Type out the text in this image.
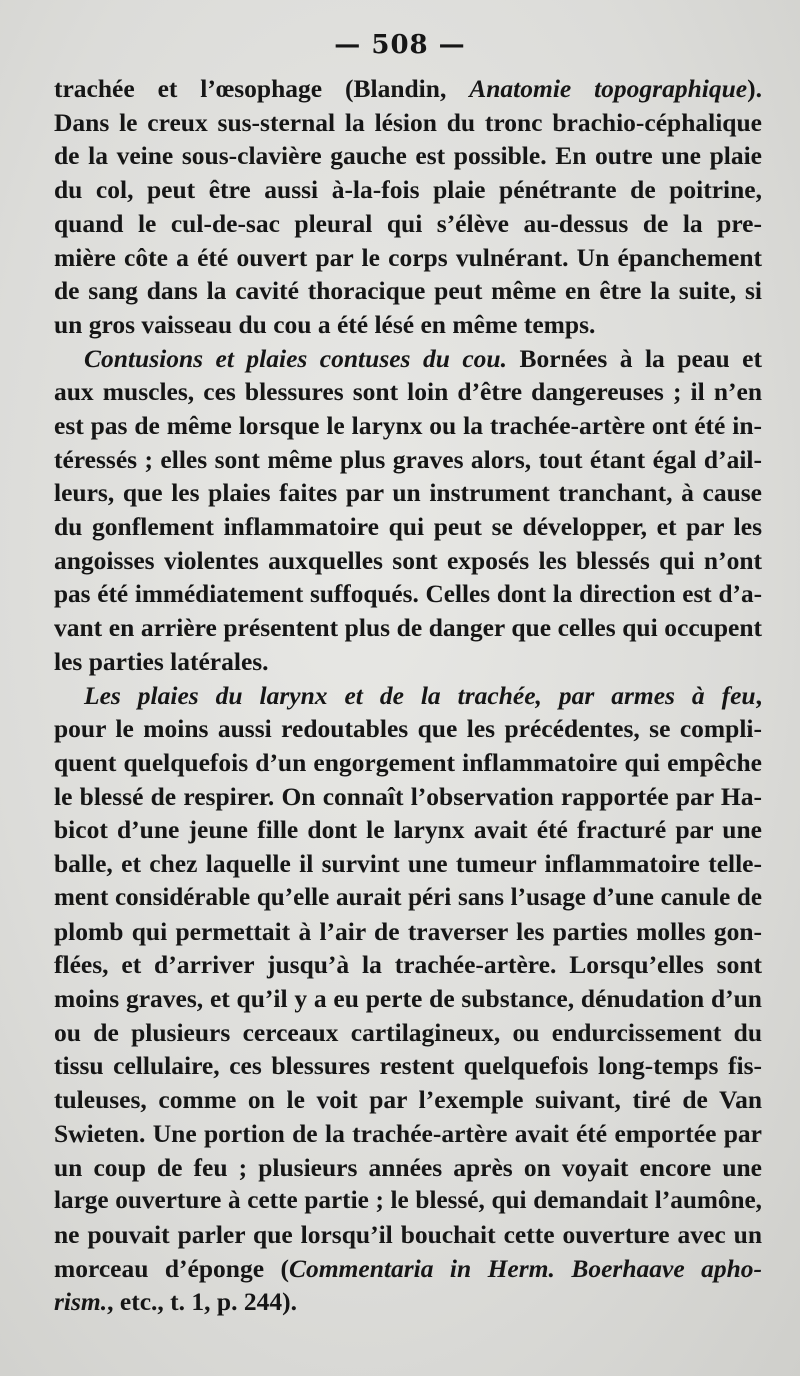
— 508 —
trachée et l’œsophage (Blandin, Anatomie topographique).
Dans le creux sus-sternal la lésion du tronc brachio-céphalique
de la veine sous-clavière gauche est possible. En outre une plaie
du col, peut être aussi à-la-fois plaie pénétrante de poitrine,
quand le cul-de-sac pleural qui s’élève au-dessus de la pre-
mière côte a été ouvert par le corps vulnérant. Un épanchement
de sang dans la cavité thoracique peut même en être la suite, si
un gros vaisseau du cou a été lésé en même temps.
Contusions et plaies contuses du cou. Bornées à la peau et
aux muscles, ces blessures sont loin d’être dangereuses ; il n’en
est pas de même lorsque le larynx ou la trachée-artère ont été in-
téressés ; elles sont même plus graves alors, tout étant égal d’ail-
leurs, que les plaies faites par un instrument tranchant, à cause
du gonflement inflammatoire qui peut se développer, et par les
angoisses violentes auxquelles sont exposés les blessés qui n’ont
pas été immédiatement suffoqués. Celles dont la direction est d’a-
vant en arrière présentent plus de danger que celles qui occupent
les parties latérales.
Les plaies du larynx et de la trachée, par armes à feu,
pour le moins aussi redoutables que les précédentes, se compli-
quent quelquefois d’un engorgement inflammatoire qui empêche
le blessé de respirer. On connaît l’observation rapportée par Ha-
bicot d’une jeune fille dont le larynx avait été fracturé par une
balle, et chez laquelle il survint une tumeur inflammatoire telle-
ment considérable qu’elle aurait péri sans l’usage d’une canule de
plomb qui permettait à l’air de traverser les parties molles gon-
flées, et d’arriver jusqu’à la trachée-artère. Lorsqu’elles sont
moins graves, et qu’il y a eu perte de substance, dénudation d’un
ou de plusieurs cerceaux cartilagineux, ou endurcissement du
tissu cellulaire, ces blessures restent quelquefois long-temps fis-
tuleuses, comme on le voit par l’exemple suivant, tiré de Van
Swieten. Une portion de la trachée-artère avait été emportée par
un coup de feu ; plusieurs années après on voyait encore une
large ouverture à cette partie ; le blessé, qui demandait l’aumône,
ne pouvait parler que lorsqu’il bouchait cette ouverture avec un
morceau d’éponge (Commentaria in Herm. Boerhaave apho-
rism., etc., t. 1, p. 244).
